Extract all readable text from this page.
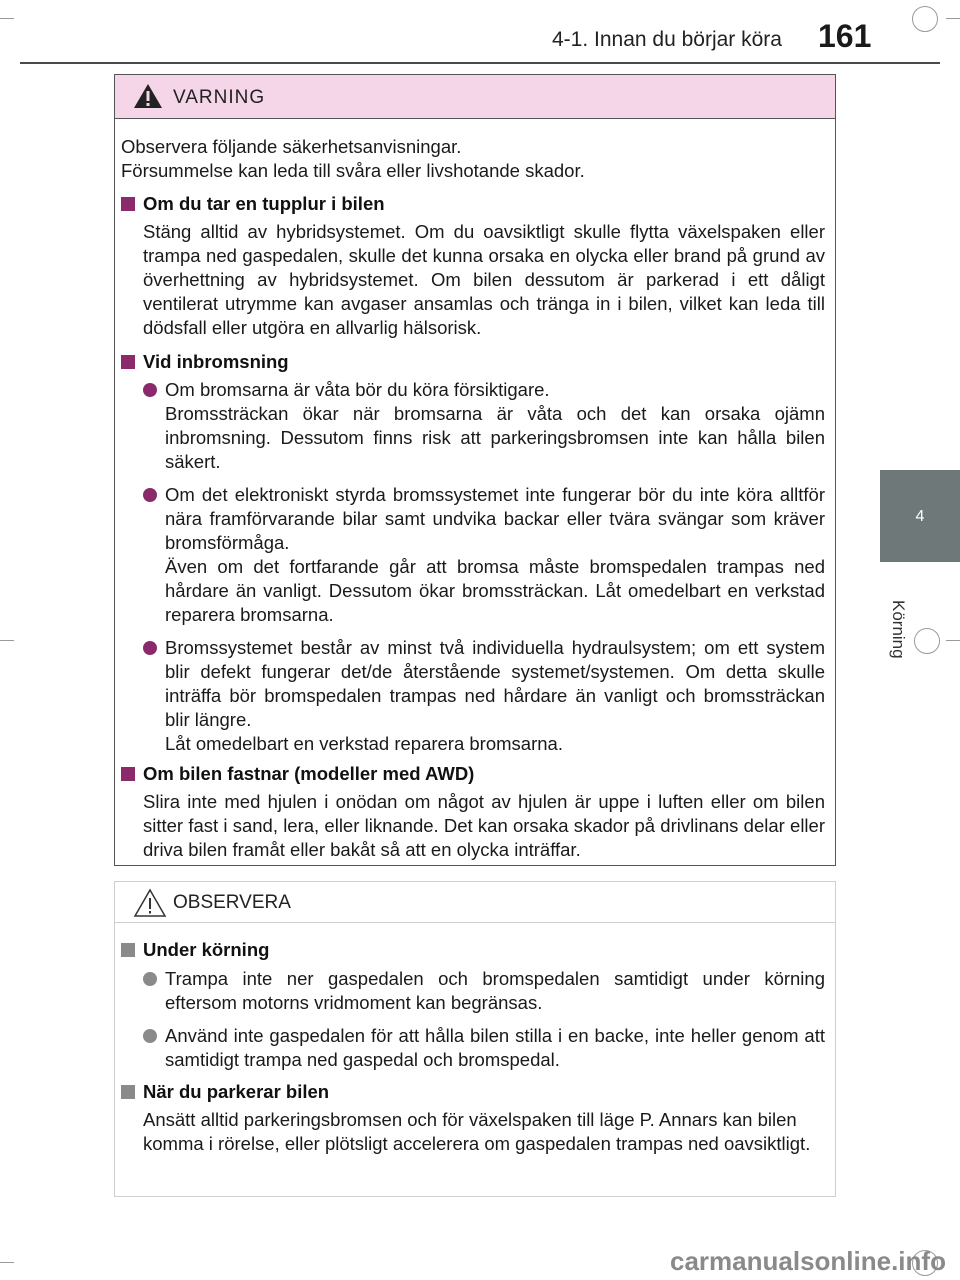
4-1. Innan du börjar köra 161
4
Körning
VARNING

Observera följande säkerhetsanvisningar.

Försummelse kan leda till svåra eller livshotande skador.

Om du tar en tupplur i bilen

Stäng alltid av hybridsystemet. Om du oavsiktligt skulle flytta växelspaken eller trampa ned gaspedalen, skulle det kunna orsaka en olycka eller brand på grund av överhettning av hybridsystemet. Om bilen dessutom är parkerad i ett dåligt ventilerat utrymme kan avgaser ansamlas och tränga in i bilen, vilket kan leda till dödsfall eller utgöra en allvarlig hälsorisk.

Vid inbromsning

Om bromsarna är våta bör du köra försiktigare.

Bromssträckan ökar när bromsarna är våta och det kan orsaka ojämn inbromsning. Dessutom finns risk att parkeringsbromsen inte kan hålla bilen säkert.

Om det elektroniskt styrda bromssystemet inte fungerar bör du inte köra alltför nära framförvarande bilar samt undvika backar eller tvära svängar som kräver bromsförmåga.

Även om det fortfarande går att bromsa måste bromspedalen trampas ned hårdare än vanligt. Dessutom ökar bromssträckan. Låt omedelbart en verkstad reparera bromsarna.

Bromssystemet består av minst två individuella hydraulsystem; om ett system blir defekt fungerar det/de återstående systemet/systemen. Om detta skulle inträffa bör bromspedalen trampas ned hårdare än vanligt och bromssträckan blir längre.

Låt omedelbart en verkstad reparera bromsarna.

Om bilen fastnar (modeller med AWD)

Slira inte med hjulen i onödan om något av hjulen är uppe i luften eller om bilen sitter fast i sand, lera, eller liknande. Det kan orsaka skador på drivlinans delar eller driva bilen framåt eller bakåt så att en olycka inträffar.

OBSERVERA
Under körning

Trampa inte ner gaspedalen och bromspedalen samtidigt under körning eftersom motorns vridmoment kan begränsas.

Använd inte gaspedalen för att hålla bilen stilla i en backe, inte heller genom att samtidigt trampa ned gaspedal och bromspedal.

När du parkerar bilen

Ansätt alltid parkeringsbromsen och för växelspaken till läge P. Annars kan bilen komma i rörelse, eller plötsligt accelerera om gaspedalen trampas ned oavsiktligt.

carmanualsonline.info
